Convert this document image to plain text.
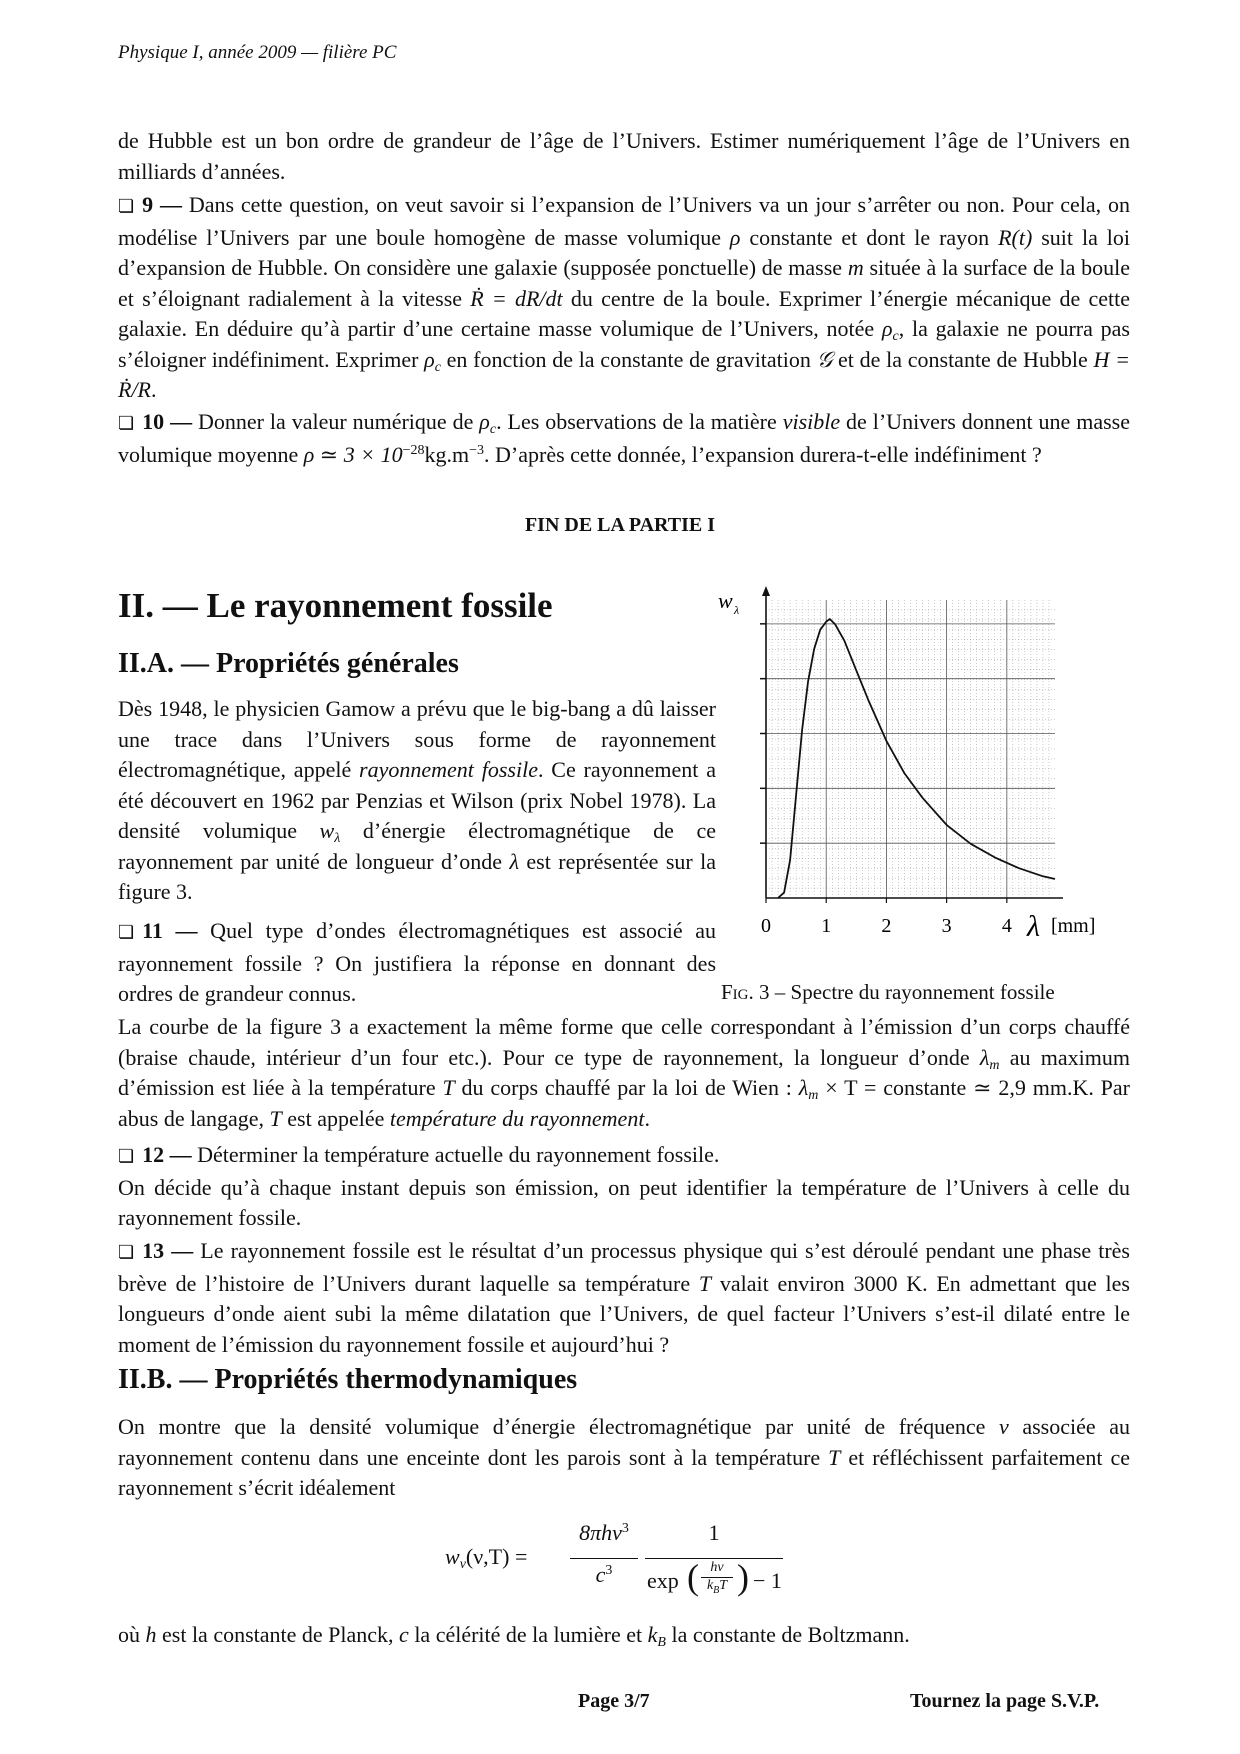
Physique I, année 2009 — filière PC

de Hubble est un bon ordre de grandeur de l’âge de l’Univers. Estimer numériquement l’âge de l’Univers en milliards d’années.

❏ 9 — Dans cette question, on veut savoir si l’expansion de l’Univers va un jour s’arrêter ou non. Pour cela, on modélise l’Univers par une boule homogène de masse volumique ρ constante et dont le rayon R(t) suit la loi d’expansion de Hubble. On considère une galaxie (supposée ponctuelle) de masse m située à la surface de la boule et s’éloignant radialement à la vitesse Ṙ = dR/dt du centre de la boule. Exprimer l’énergie mécanique de cette galaxie. En déduire qu’à partir d’une certaine masse volumique de l’Univers, notée $\rho_c$, la galaxie ne pourra pas s’éloigner indéfiniment. Exprimer $\rho_c$ en fonction de la constante de gravitation 𝒢 et de la constante de Hubble H = Ṙ/R.

❏ 10 — Donner la valeur numérique de $\rho_c$. Les observations de la matière visible de l’Univers donnent une masse volumique moyenne ρ ≃ $3 \times 10^{-28}kg.m^{-3}$. D’après cette donnée, l’expansion durera-t-elle indéfiniment ?

FIN DE LA PARTIE I
II. — Le rayonnement fossile
II.A. — Propriétés générales

Dès 1948, le physicien Gamow a prévu que le big-bang a dû laisser une trace dans l’Univers sous forme de rayonnement électromagnétique, appelé rayonnement fossile. Ce rayonnement a été découvert en 1962 par Penzias et Wilson (prix Nobel 1978). La densité volumique $w_\lambda$ d’énergie électromagnétique de ce rayonnement par unité de longueur d’onde λ est représentée sur la figure 3.

❏ 11 — Quel type d’ondes électromagnétiques est associé au rayonnement fossile ? On justifiera la réponse en donnant des ordres de grandeur connus.

0	1	2	3	4 λ [mm]
w λ
Fig. 3 – Spectre du rayonnement fossile

La courbe de la figure 3 a exactement la même forme que celle correspondant à l’émission d’un corps chauffé (braise chaude, intérieur d’un four etc.). Pour ce type de rayonnement, la longueur d’onde $\lambda_m$ au maximum d’émission est liée à la température T du corps chauffé par la loi de Wien : $\lambda_m \times T$ = constante ≃ 2,9 mm.K. Par abus de langage, T est appelée température du rayonnement.

❏ 12 — Déterminer la température actuelle du rayonnement fossile.
On décide qu’à chaque instant depuis son émission, on peut identifier la température de l’Univers à celle du rayonnement fossile.

❏ 13 — Le rayonnement fossile est le résultat d’un processus physique qui s’est déroulé pendant une phase très brève de l’histoire de l’Univers durant laquelle sa température T valait environ 3000 K. En admettant que les longueurs d’onde aient subi la même dilatation que l’Univers, de quel facteur l’Univers s’est-il dilaté entre le moment de l’émission du rayonnement fossile et aujourd’hui ?

II.B. — Propriétés thermodynamiques

On montre que la densité volumique d’énergie électromagnétique par unité de fréquence ν associée au rayonnement contenu dans une enceinte dont les parois sont à la température T et réfléchissent parfaitement ce rayonnement s’écrit idéalement

$w_\nu(\nu,T)$ =
8πhν$^3$
$c^3$
1
exp ( hν
$k_BT$ ) − 1

où h est la constante de Planck, c la célérité de la lumière et $k_B$ la constante de Boltzmann.

Page 3/7	Tournez la page S.V.P.
